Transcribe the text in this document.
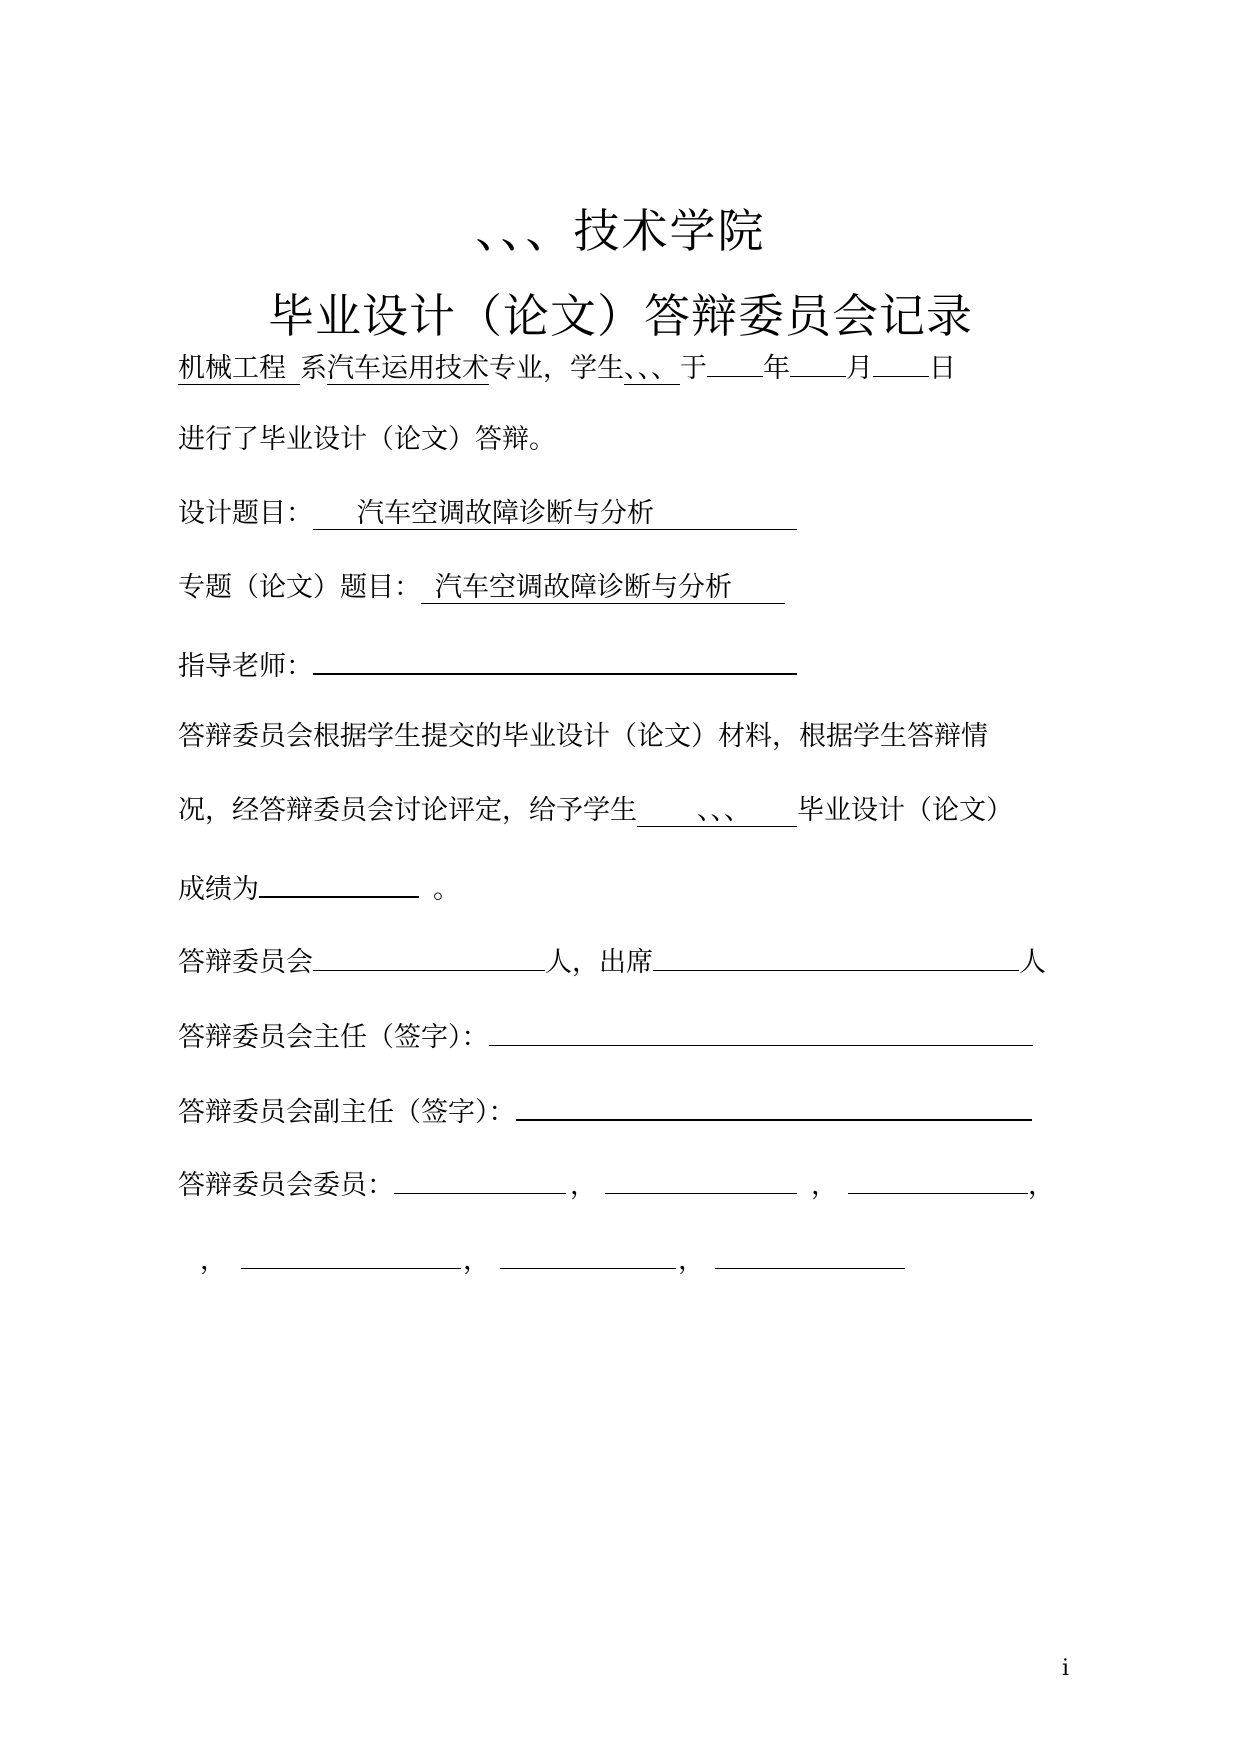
、、、技术学院
毕业设计（论文）答辩委员会记录
机械工程 系汽车运用技术专业，学生、、、于 年 月 日
进行了毕业设计（论文）答辩。
设计题目： 汽车空调故障诊断与分析
专题（论文）题目： 汽车空调故障诊断与分析
指导老师：
答辩委员会根据学生提交的毕业设计（论文）材料，根据学生答辩情
况，经答辩委员会讨论评定，给予学生 、、、 毕业设计（论文）
成绩为	。
答辩委员会	人，出席	人
答辩委员会主任（签字）：
答辩委员会副主任（签字）：
答辩委员会委员：	，	，	，
，	，	，
i
